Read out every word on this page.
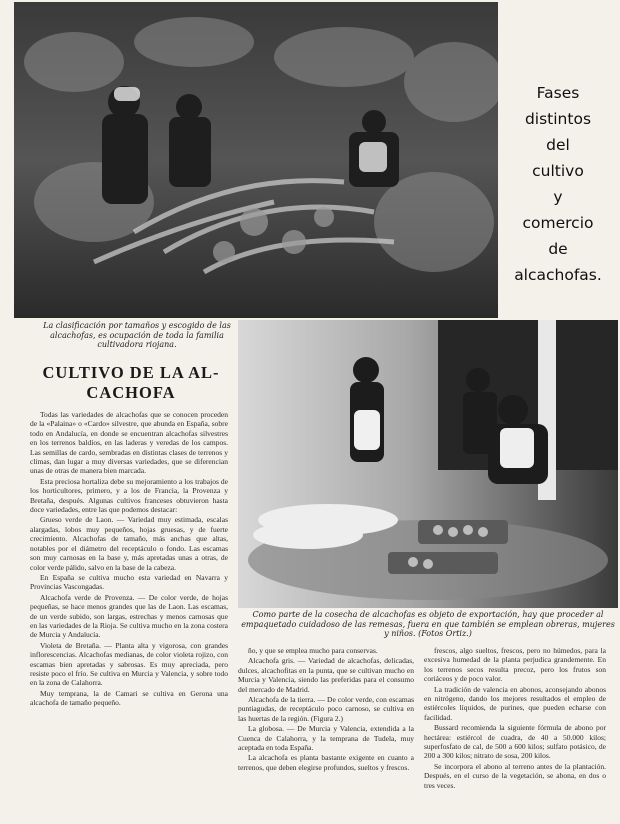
Fases
distintos
del
cultivo
y
comercio
de
alcachofas.
La clasificación por tamaños y escogido de las alcachofas, es ocupación de toda la familia cultivadora riojana.
Como parte de la cosecha de alcachofas es objeto de exportación, hay que proceder al empaquetado cuidadoso de las remesas, fuera en que también se emplean obreras, mujeres y niños. (Fotos Ortiz.)
CULTIVO DE LA AL-CACHOFA

Todas las variedades de alcachofas que se conocen proceden de la «Palaina» o «Cardo» silvestre, que abunda en España, sobre todo en Andalucía, en donde se encuentran alcachofas silvestres en los terrenos baldíos, en las laderas y veredas de los campos. Las semillas de cardo, sembradas en distintas clases de terrenos y climas, dan lugar a muy diversas variedades, que se diferencian unas de otras de manera bien marcada.

Esta preciosa hortaliza debe su mejoramiento a los trabajos de los horticultores, primero, y a los de Francia, la Provenza y Bretaña, después. Algunas cultivos franceses obtuvieron hasta doce variedades, entre las que podemos destacar:

Grueso verde de Laon. — Variedad muy estimada, escalas alargadas, lobos muy pequeños, hojas gruesas, y de fuerte crecimiento. Alcachofas de tamaño, más anchas que altas, notables por el diámetro del receptáculo o fondo. Las escamas son muy carnosas en la base y, más apretadas unas a otras, de color verde pálido, salvo en la base de la cabeza.

En España se cultiva mucho esta variedad en Navarra y Provincias Vascongadas.

Alcachofa verde de Provenza. — De color verde, de hojas pequeñas, se hace menos grandes que las de Laon. Las escamas, de un verde subido, son largas, estrechas y menos carnosas que en las variedades de la Rioja. Se cultiva mucho en la zona costera de Murcia y Andalucía.

Violeta de Bretaña. — Planta alta y vigorosa, con grandes inflorescencias. Alcachofas medianas, de color violeta rojizo, con escamas bien apretadas y sabrosas. Es muy apreciada, pero resiste poco el frío. Se cultiva en Murcia y Valencia, y sobre todo en la zona de Calahorra.

Muy temprana, la de Camari se cultiva en Gerona una alcachofa de tamaño pequeño.

ño, y que se emplea mucho para conservas.

Alcachofa gris. — Variedad de alcachofas, delicadas, dulces, alcachofitas en la punta, que se cultivan mucho en Murcia y Valencia, siendo las preferidas para el consumo del mercado de Madrid.

Alcachofa de la tierra. — De color verde, con escamas puntiagudas, de receptáculo poco carnoso, se cultiva en las huertas de la región. (Figura 2.)

La globosa. — De Murcia y Valencia, extendida a la Cuenca de Calahorra, y la temprana de Tudela, muy aceptada en toda España.

La alcachofa es planta bastante exigente en cuanto a terrenos, que deben elegirse profundos, sueltos y frescos.

frescos, algo sueltos, frescos, pero no húmedos, para la excesiva humedad de la planta perjudica grandemente. En los terrenos secos resulta precoz, pero los frutos son coriáceos y de poco valor.

La tradición de valencia en abonos, aconsejando abonos en nitrógeno, dando los mejores resultados el empleo de estiércoles líquidos, de purines, que pueden echarse con facilidad.

Bussard recomienda la siguiente fórmula de abono por hectárea: estiércol de cuadra, de 40 a 50.000 kilos; superfosfato de cal, de 500 a 600 kilos; sulfato potásico, de 200 a 300 kilos; nitrato de sosa, 200 kilos.

Se incorpora el abono al terreno antes de la plantación. Después, en el curso de la vegetación, se abona, en dos o tres veces.
